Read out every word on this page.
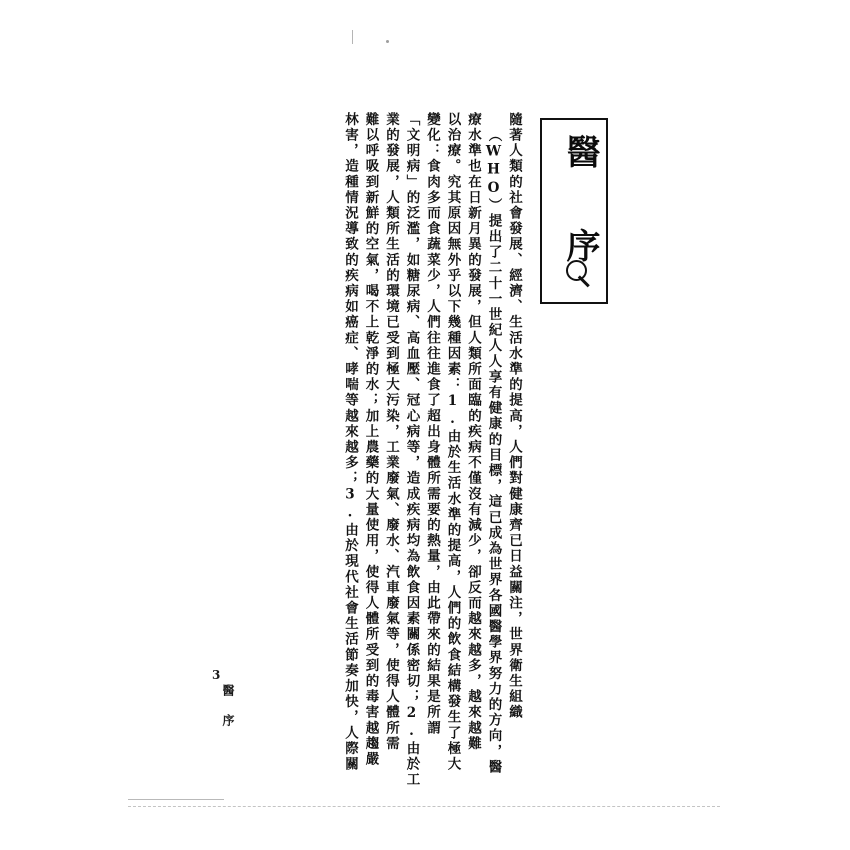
醫 序
隨著人類的社會發展、經濟、生活水準的提高，人們對健康齊已日益關注，世界衛生組織
（WHO）提出了二十一世紀人人享有健康的目標，這已成為世界各國醫學界努力的方向，醫
療水準也在日新月異的發展，但人類所面臨的疾病不僅沒有減少，卻反而越來越多，越來越難
以治療。究其原因無外乎以下幾種因素：1.由於生活水準的提高，人們的飲食結構發生了極大
變化：食肉多而食蔬菜少，人們往往進食了超出身體所需要的熱量，由此帶來的結果是所謂
「文明病」的泛濫，如糖尿病、高血壓、冠心病等，造成疾病均為飲食因素關係密切；2.由於工
業的發展，人類所生活的環境已受到極大污染，工業廢氣、廢水、汽車廢氣等，使得人體所需
難以呼吸到新鮮的空氣，喝不上乾淨的水；加上農藥的大量使用，使得人體所受到的毒害越趨嚴
林害，造種情況導致的疾病如癌症、哮喘等越來越多；3.由於現代社會生活節奏加快，人際關
3
醫　序
